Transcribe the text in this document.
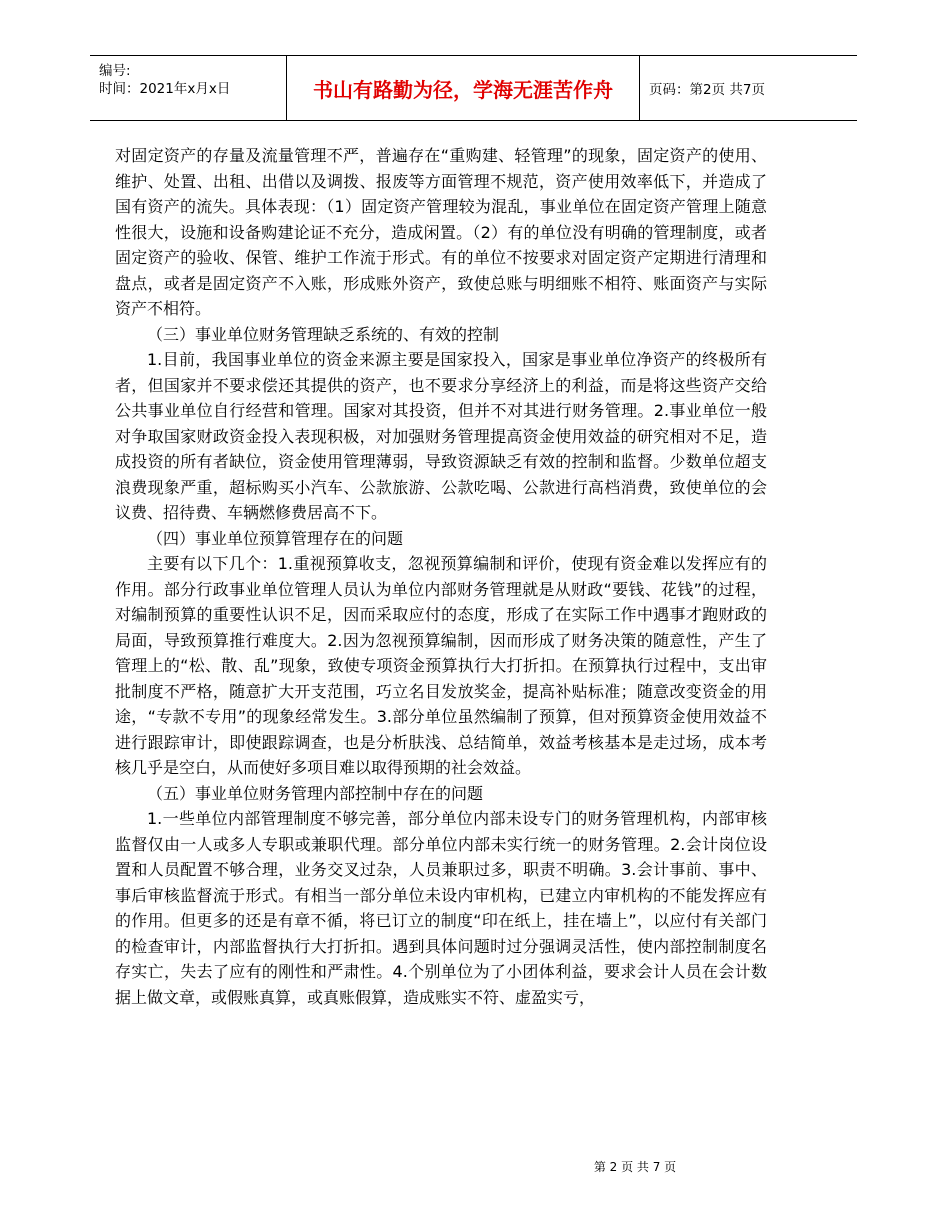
编号:
时间：2021年x月x日	书山有路勤为径，学海无涯苦作舟	页码：第2页 共7页

对固定资产的存量及流量管理不严，普遍存在“重购建、轻管理”的现象，固定资产的使用、维护、处置、出租、出借以及调拨、报废等方面管理不规范，资产使用效率低下，并造成了国有资产的流失。具体表现：（1）固定资产管理较为混乱，事业单位在固定资产管理上随意性很大，设施和设备购建论证不充分，造成闲置。（2）有的单位没有明确的管理制度，或者固定资产的验收、保管、维护工作流于形式。有的单位不按要求对固定资产定期进行清理和盘点，或者是固定资产不入账，形成账外资产，致使总账与明细账不相符、账面资产与实际资产不相符。

（三）事业单位财务管理缺乏系统的、有效的控制

1.目前，我国事业单位的资金来源主要是国家投入，国家是事业单位净资产的终极所有者，但国家并不要求偿还其提供的资产，也不要求分享经济上的利益，而是将这些资产交给公共事业单位自行经营和管理。国家对其投资，但并不对其进行财务管理。2.事业单位一般对争取国家财政资金投入表现积极，对加强财务管理提高资金使用效益的研究相对不足，造成投资的所有者缺位，资金使用管理薄弱，导致资源缺乏有效的控制和监督。少数单位超支浪费现象严重，超标购买小汽车、公款旅游、公款吃喝、公款进行高档消费，致使单位的会议费、招待费、车辆燃修费居高不下。

（四）事业单位预算管理存在的问题

主要有以下几个：1.重视预算收支，忽视预算编制和评价，使现有资金难以发挥应有的作用。部分行政事业单位管理人员认为单位内部财务管理就是从财政“要钱、花钱”的过程，对编制预算的重要性认识不足，因而采取应付的态度，形成了在实际工作中遇事才跑财政的局面，导致预算推行难度大。2.因为忽视预算编制，因而形成了财务决策的随意性，产生了管理上的“松、散、乱”现象，致使专项资金预算执行大打折扣。在预算执行过程中，支出审批制度不严格，随意扩大开支范围，巧立名目发放奖金，提高补贴标准；随意改变资金的用途，“专款不专用”的现象经常发生。3.部分单位虽然编制了预算，但对预算资金使用效益不进行跟踪审计，即使跟踪调查，也是分析肤浅、总结简单，效益考核基本是走过场，成本考核几乎是空白，从而使好多项目难以取得预期的社会效益。

（五）事业单位财务管理内部控制中存在的问题

1.一些单位内部管理制度不够完善，部分单位内部未设专门的财务管理机构，内部审核监督仅由一人或多人专职或兼职代理。部分单位内部未实行统一的财务管理。2.会计岗位设置和人员配置不够合理，业务交叉过杂，人员兼职过多，职责不明确。3.会计事前、事中、事后审核监督流于形式。有相当一部分单位未设内审机构，已建立内审机构的不能发挥应有的作用。但更多的还是有章不循，将已订立的制度“印在纸上，挂在墙上”，以应付有关部门的检查审计，内部监督执行大打折扣。遇到具体问题时过分强调灵活性，使内部控制制度名存实亡，失去了应有的刚性和严肃性。4.个别单位为了小团体利益，要求会计人员在会计数据上做文章，或假账真算，或真账假算，造成账实不符、虚盈实亏，

第 2 页 共 7 页
